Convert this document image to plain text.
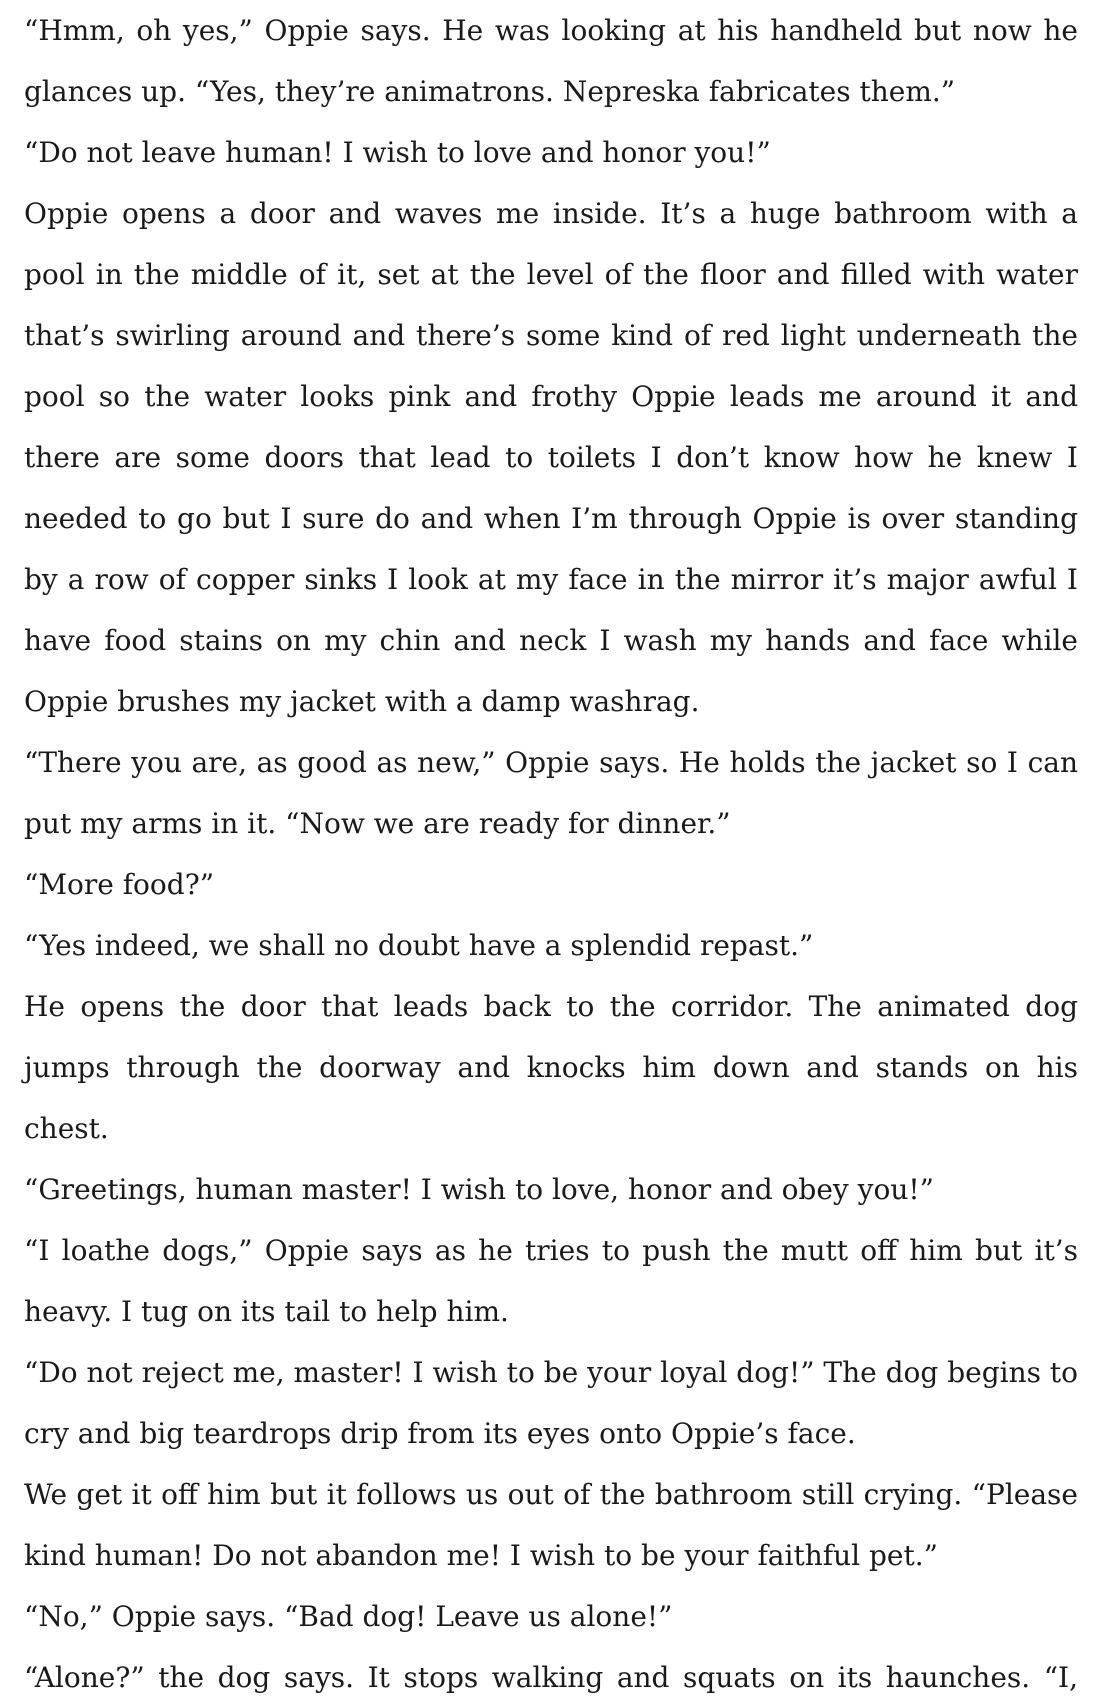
“Hmm, oh yes,” Oppie says. He was looking at his handheld but now he glances up. “Yes, they’re animatrons. Nepreska fabricates them.”

“Do not leave human! I wish to love and honor you!”

Oppie opens a door and waves me inside. It’s a huge bathroom with a pool in the middle of it, set at the level of the floor and filled with water that’s swirling around and there’s some kind of red light underneath the pool so the water looks pink and frothy Oppie leads me around it and there are some doors that lead to toilets I don’t know how he knew I needed to go but I sure do and when I’m through Oppie is over standing by a row of copper sinks I look at my face in the mirror it’s major awful I have food stains on my chin and neck I wash my hands and face while Oppie brushes my jacket with a damp washrag.

“There you are, as good as new,” Oppie says. He holds the jacket so I can put my arms in it. “Now we are ready for dinner.”

“More food?”

“Yes indeed, we shall no doubt have a splendid repast.”

He opens the door that leads back to the corridor. The animated dog jumps through the doorway and knocks him down and stands on his chest.

“Greetings, human master! I wish to love, honor and obey you!”

“I loathe dogs,” Oppie says as he tries to push the mutt off him but it’s heavy. I tug on its tail to help him.

“Do not reject me, master! I wish to be your loyal dog!” The dog begins to cry and big teardrops drip from its eyes onto Oppie’s face.

We get it off him but it follows us out of the bathroom still crying. “Please kind human! Do not abandon me! I wish to be your faithful pet.”

“No,” Oppie says. “Bad dog! Leave us alone!”

“Alone?” the dog says. It stops walking and squats on its haunches. “I,
